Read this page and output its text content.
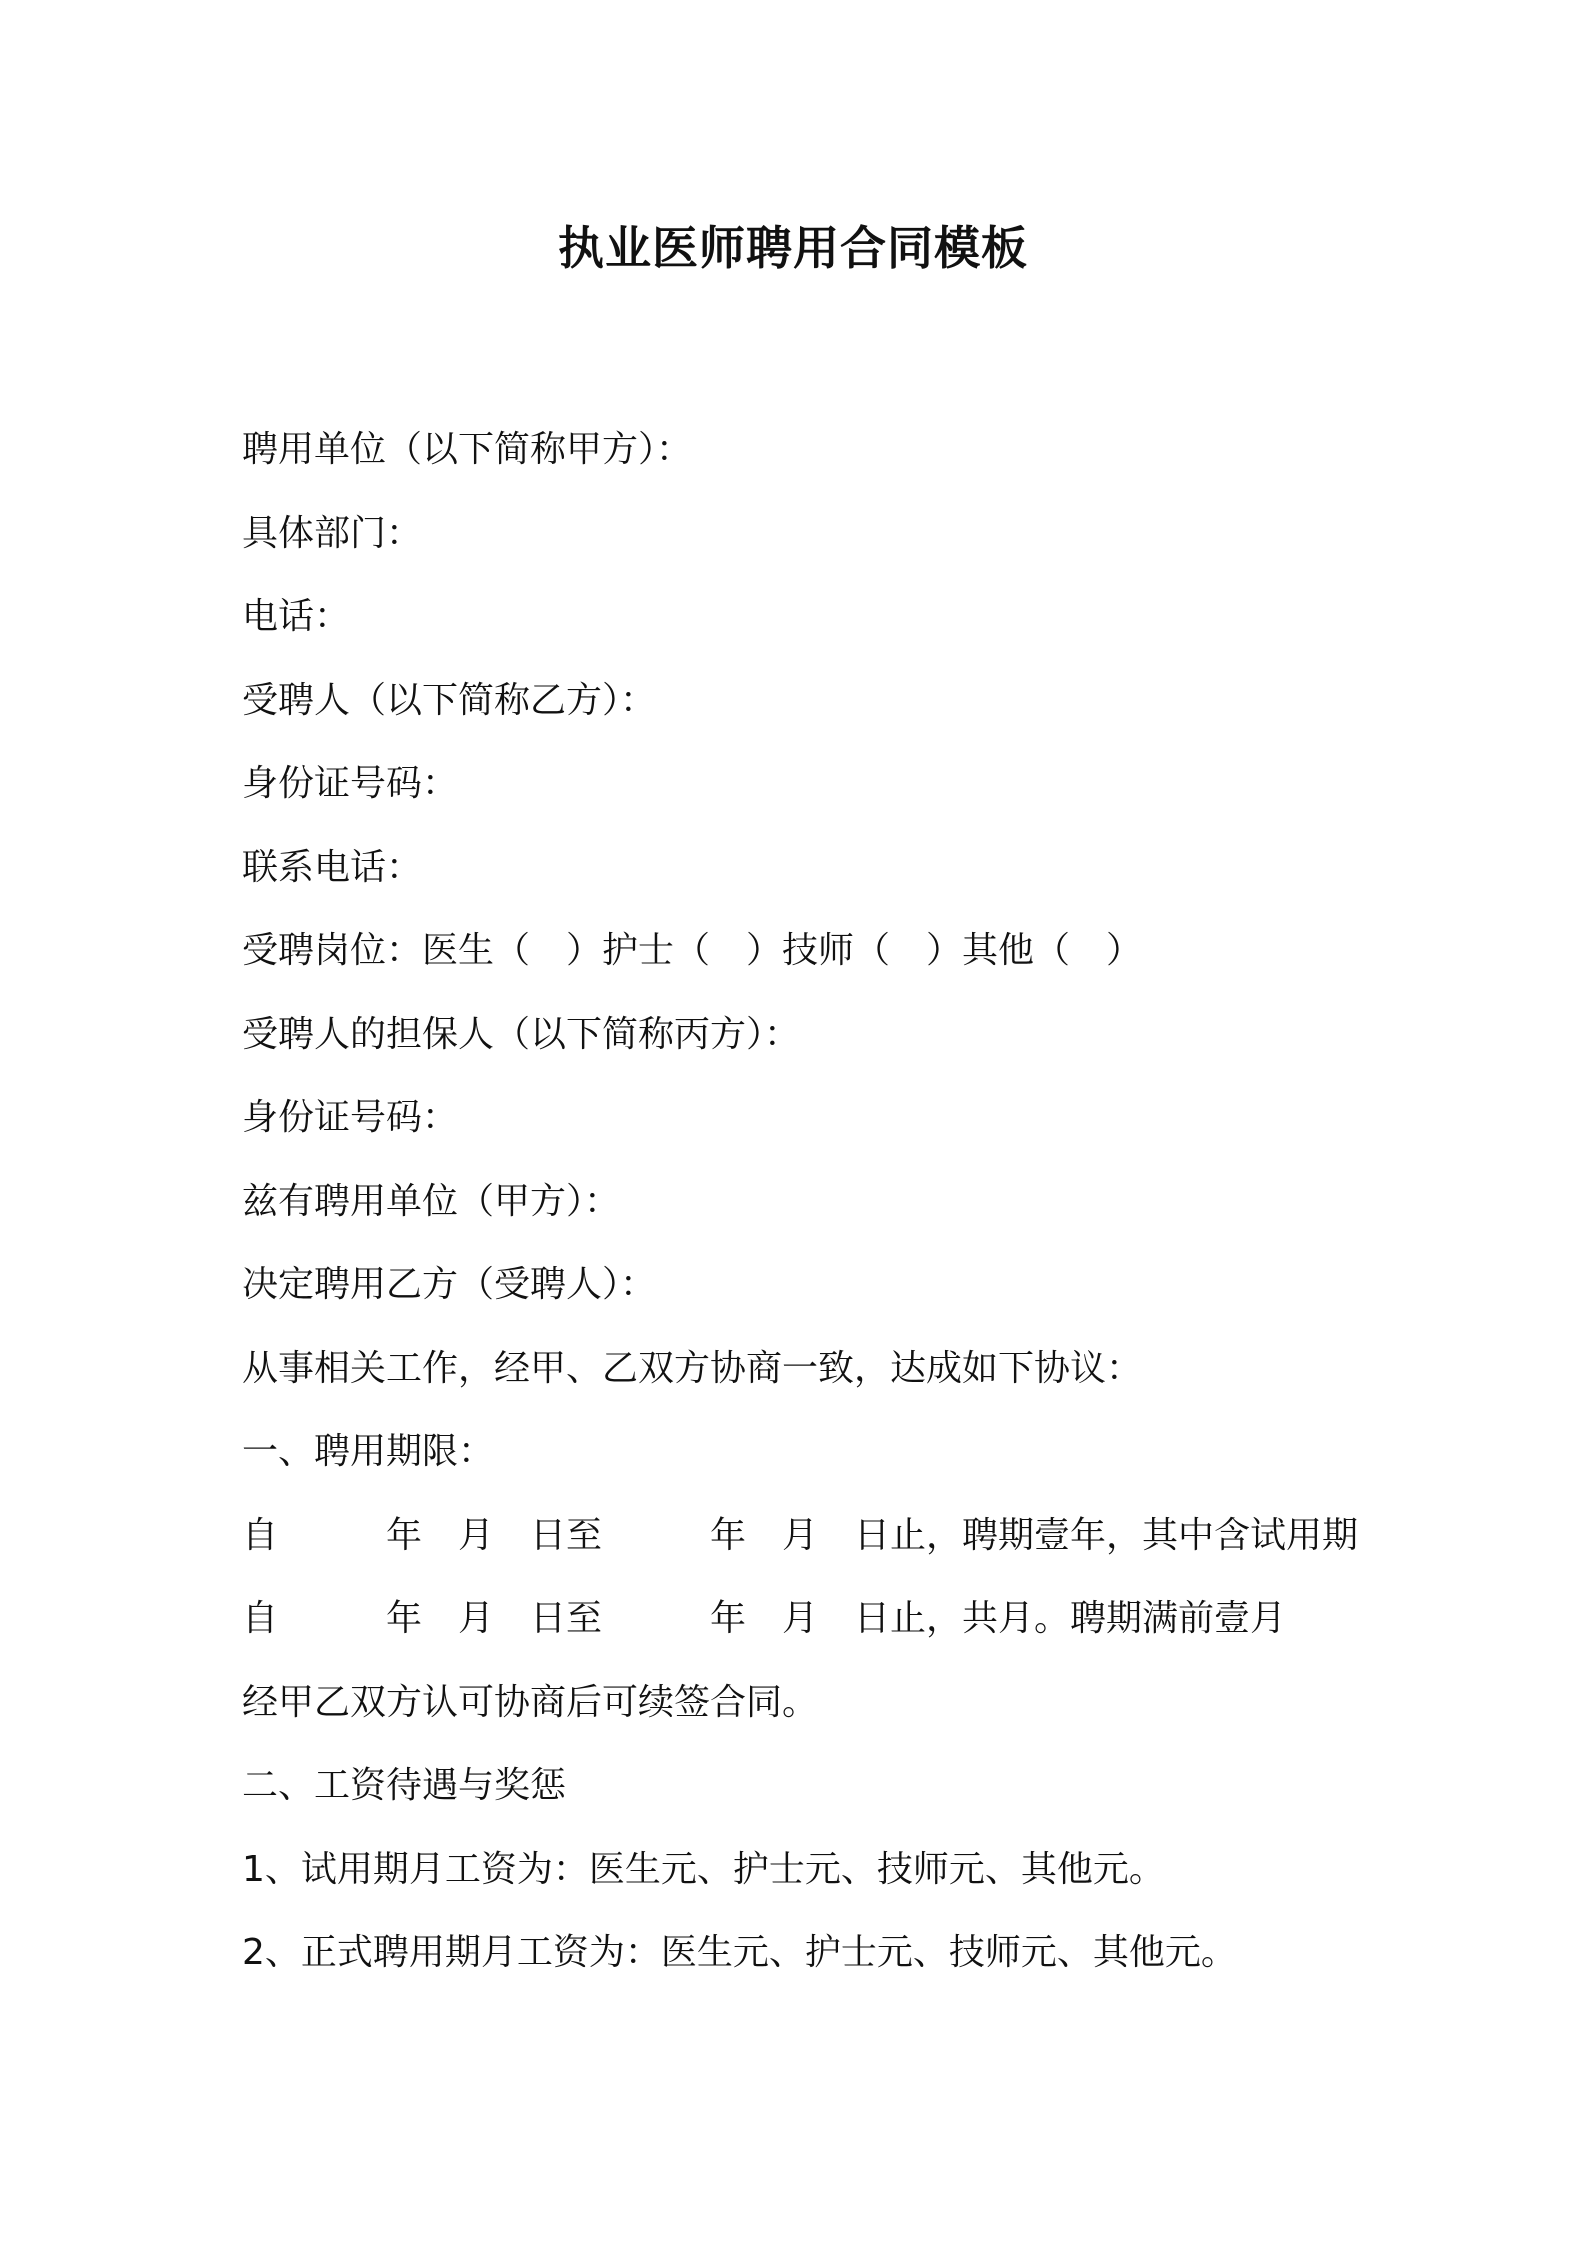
执业医师聘用合同模板
聘用单位（以下简称甲方）：
具体部门：
电话：
受聘人（以下简称乙方）：
身份证号码：
联系电话：
受聘岗位：医生（　）护士（　）技师（　）其他（　）
受聘人的担保人（以下简称丙方）：
身份证号码：
兹有聘用单位（甲方）：
决定聘用乙方（受聘人）：
从事相关工作，经甲、乙双方协商一致，达成如下协议：
一、聘用期限：
自　　　年　月　日至　　　年　月　日止，聘期壹年，其中含试用期
自　　　年　月　日至　　　年　月　日止，共月。聘期满前壹月
经甲乙双方认可协商后可续签合同。
二、工资待遇与奖惩
1、试用期月工资为：医生元、护士元、技师元、其他元。
2、正式聘用期月工资为：医生元、护士元、技师元、其他元。
